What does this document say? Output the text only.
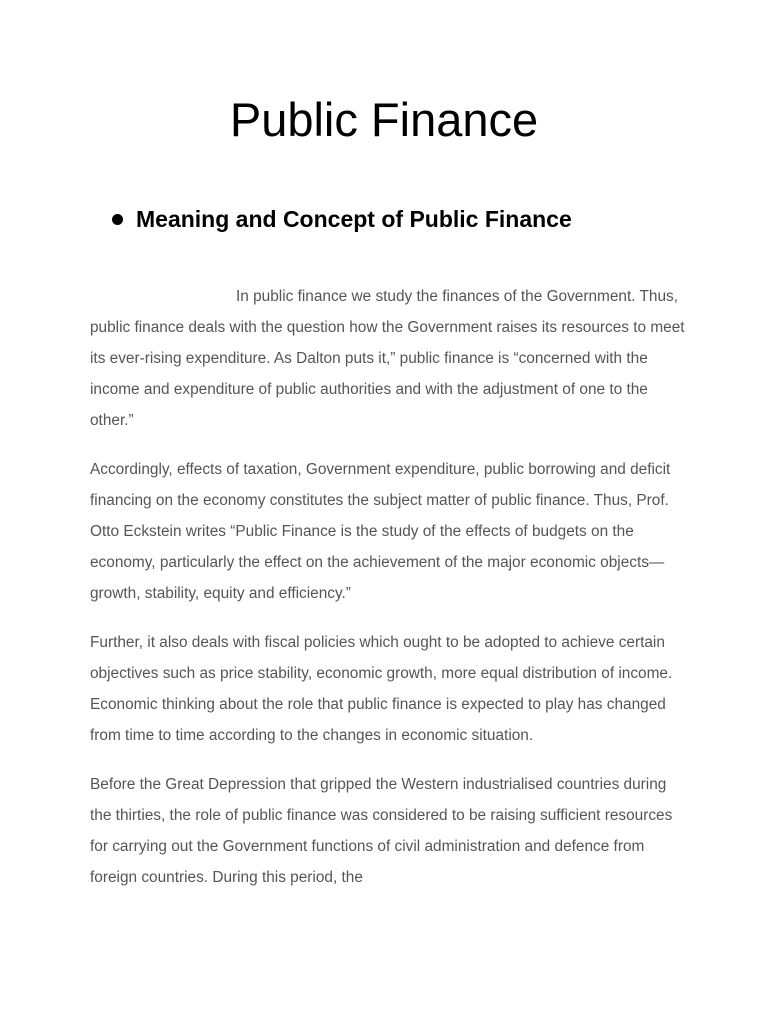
Public Finance
Meaning and Concept of Public Finance

In public finance we study the finances of the Government. Thus, public finance deals with the question how the Government raises its resources to meet its ever-rising expenditure. As Dalton puts it,” public finance is “concerned with the income and expenditure of public authorities and with the adjustment of one to the other.”

Accordingly, effects of taxation, Government expenditure, public borrowing and deficit financing on the economy constitutes the subject matter of public finance. Thus, Prof. Otto Eckstein writes “Public Finance is the study of the effects of budgets on the economy, particularly the effect on the achievement of the major economic objects—growth, stability, equity and efficiency.”

Further, it also deals with fiscal policies which ought to be adopted to achieve certain objectives such as price stability, economic growth, more equal distribution of income. Economic thinking about the role that public finance is expected to play has changed from time to time according to the changes in economic situation.

Before the Great Depression that gripped the Western industrialised countries during the thirties, the role of public finance was considered to be raising sufficient resources for carrying out the Government functions of civil administration and defence from foreign countries. During this period, the
